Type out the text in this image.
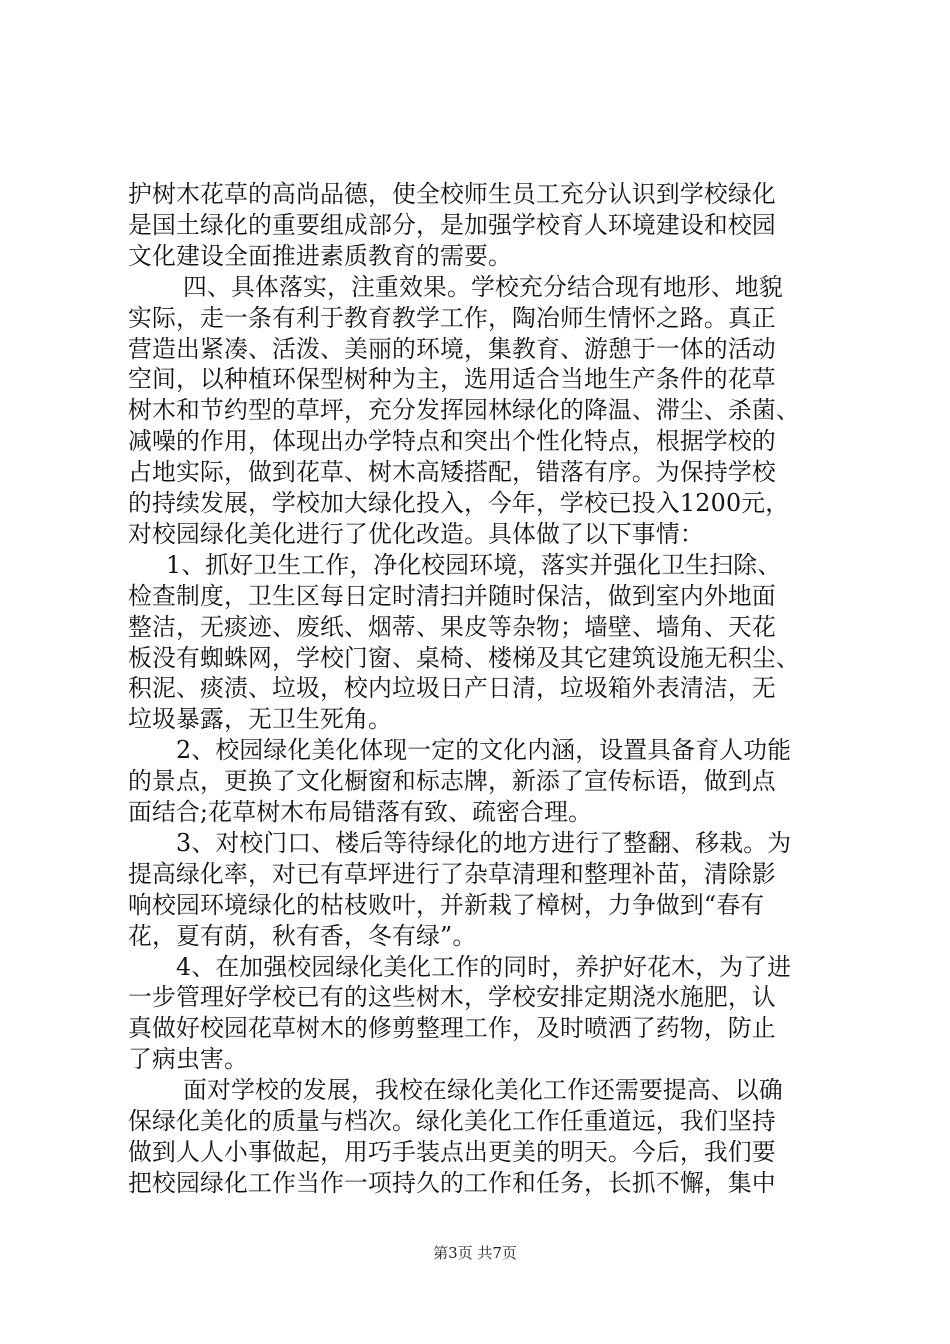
护树木花草的高尚品德，使全校师生员工充分认识到学校绿化
是国土绿化的重要组成部分，是加强学校育人环境建设和校园
文化建设全面推进素质教育的需要。
四、具体落实，注重效果。学校充分结合现有地形、地貌
实际，走一条有利于教育教学工作，陶冶师生情怀之路。真正
营造出紧凑、活泼、美丽的环境，集教育、游憩于一体的活动
空间，以种植环保型树种为主，选用适合当地生产条件的花草
树木和节约型的草坪，充分发挥园林绿化的降温、滞尘、杀菌、
减噪的作用，体现出办学特点和突出个性化特点，根据学校的
占地实际，做到花草、树木高矮搭配，错落有序。为保持学校
的持续发展，学校加大绿化投入，今年，学校已投入1200元，
对校园绿化美化进行了优化改造。具体做了以下事情：
1、抓好卫生工作，净化校园环境，落实并强化卫生扫除、
检查制度，卫生区每日定时清扫并随时保洁，做到室内外地面
整洁，无痰迹、废纸、烟蒂、果皮等杂物；墙壁、墙角、天花
板没有蜘蛛网，学校门窗、桌椅、楼梯及其它建筑设施无积尘、
积泥、痰渍、垃圾，校内垃圾日产日清，垃圾箱外表清洁，无
垃圾暴露，无卫生死角。
2、校园绿化美化体现一定的文化内涵，设置具备育人功能
的景点，更换了文化橱窗和标志牌，新添了宣传标语，做到点
面结合;花草树木布局错落有致、疏密合理。
3、对校门口、楼后等待绿化的地方进行了整翻、移栽。为
提高绿化率，对已有草坪进行了杂草清理和整理补苗，清除影
响校园环境绿化的枯枝败叶，并新栽了樟树，力争做到“春有
花，夏有荫，秋有香，冬有绿”。
4、在加强校园绿化美化工作的同时，养护好花木，为了进
一步管理好学校已有的这些树木，学校安排定期浇水施肥，认
真做好校园花草树木的修剪整理工作，及时喷洒了药物，防止
了病虫害。
面对学校的发展，我校在绿化美化工作还需要提高、以确
保绿化美化的质量与档次。绿化美化工作任重道远，我们坚持
做到人人小事做起，用巧手装点出更美的明天。今后，我们要
把校园绿化工作当作一项持久的工作和任务，长抓不懈，集中
第3页 共7页
